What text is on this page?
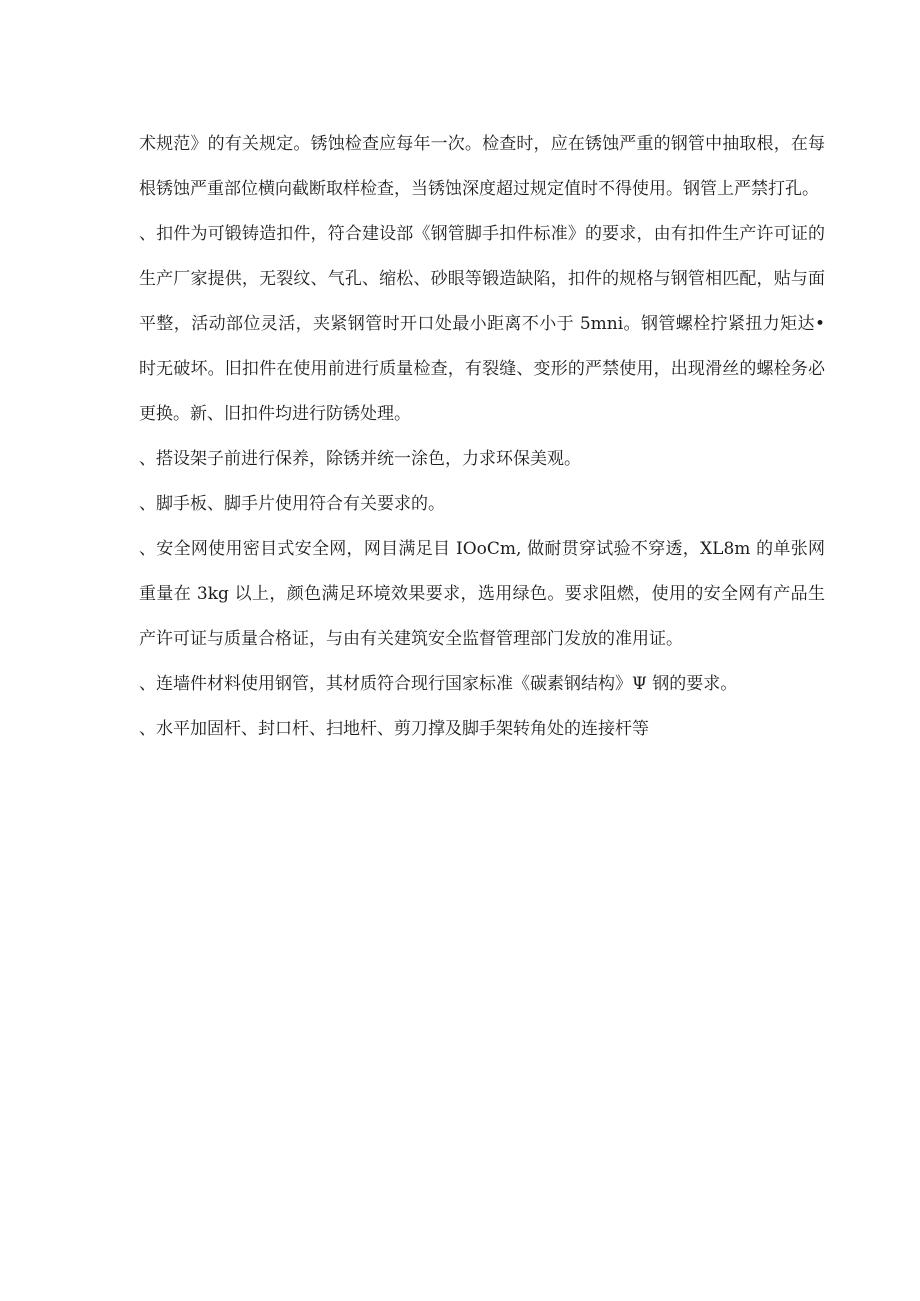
术规范》的有关规定。锈蚀检查应每年一次。检查时，应在锈蚀严重的钢管中抽取根，在每根锈蚀严重部位横向截断取样检查，当锈蚀深度超过规定值时不得使用。钢管上严禁打孔。

、扣件为可锻铸造扣件，符合建设部《钢管脚手扣件标准》的要求，由有扣件生产许可证的生产厂家提供，无裂纹、气孔、缩松、砂眼等锻造缺陷，扣件的规格与钢管相匹配，贴与面平整，活动部位灵活，夹紧钢管时开口处最小距离不小于 5mni。钢管螺栓拧紧扭力矩达•时无破坏。旧扣件在使用前进行质量检查，有裂缝、变形的严禁使用，出现滑丝的螺栓务必更换。新、旧扣件均进行防锈处理。

、搭设架子前进行保养，除锈并统一涂色，力求环保美观。

、脚手板、脚手片使用符合有关要求的。

、安全网使用密目式安全网，网目满足目 IOoCm, 做耐贯穿试验不穿透，XL8m 的单张网重量在 3kg 以上，颜色满足环境效果要求，选用绿色。要求阻燃，使用的安全网有产品生产许可证与质量合格证，与由有关建筑安全监督管理部门发放的准用证。

、连墙件材料使用钢管，其材质符合现行国家标准《碳素钢结构》Ψ 钢的要求。

、水平加固杆、封口杆、扫地杆、剪刀撑及脚手架转角处的连接杆等
